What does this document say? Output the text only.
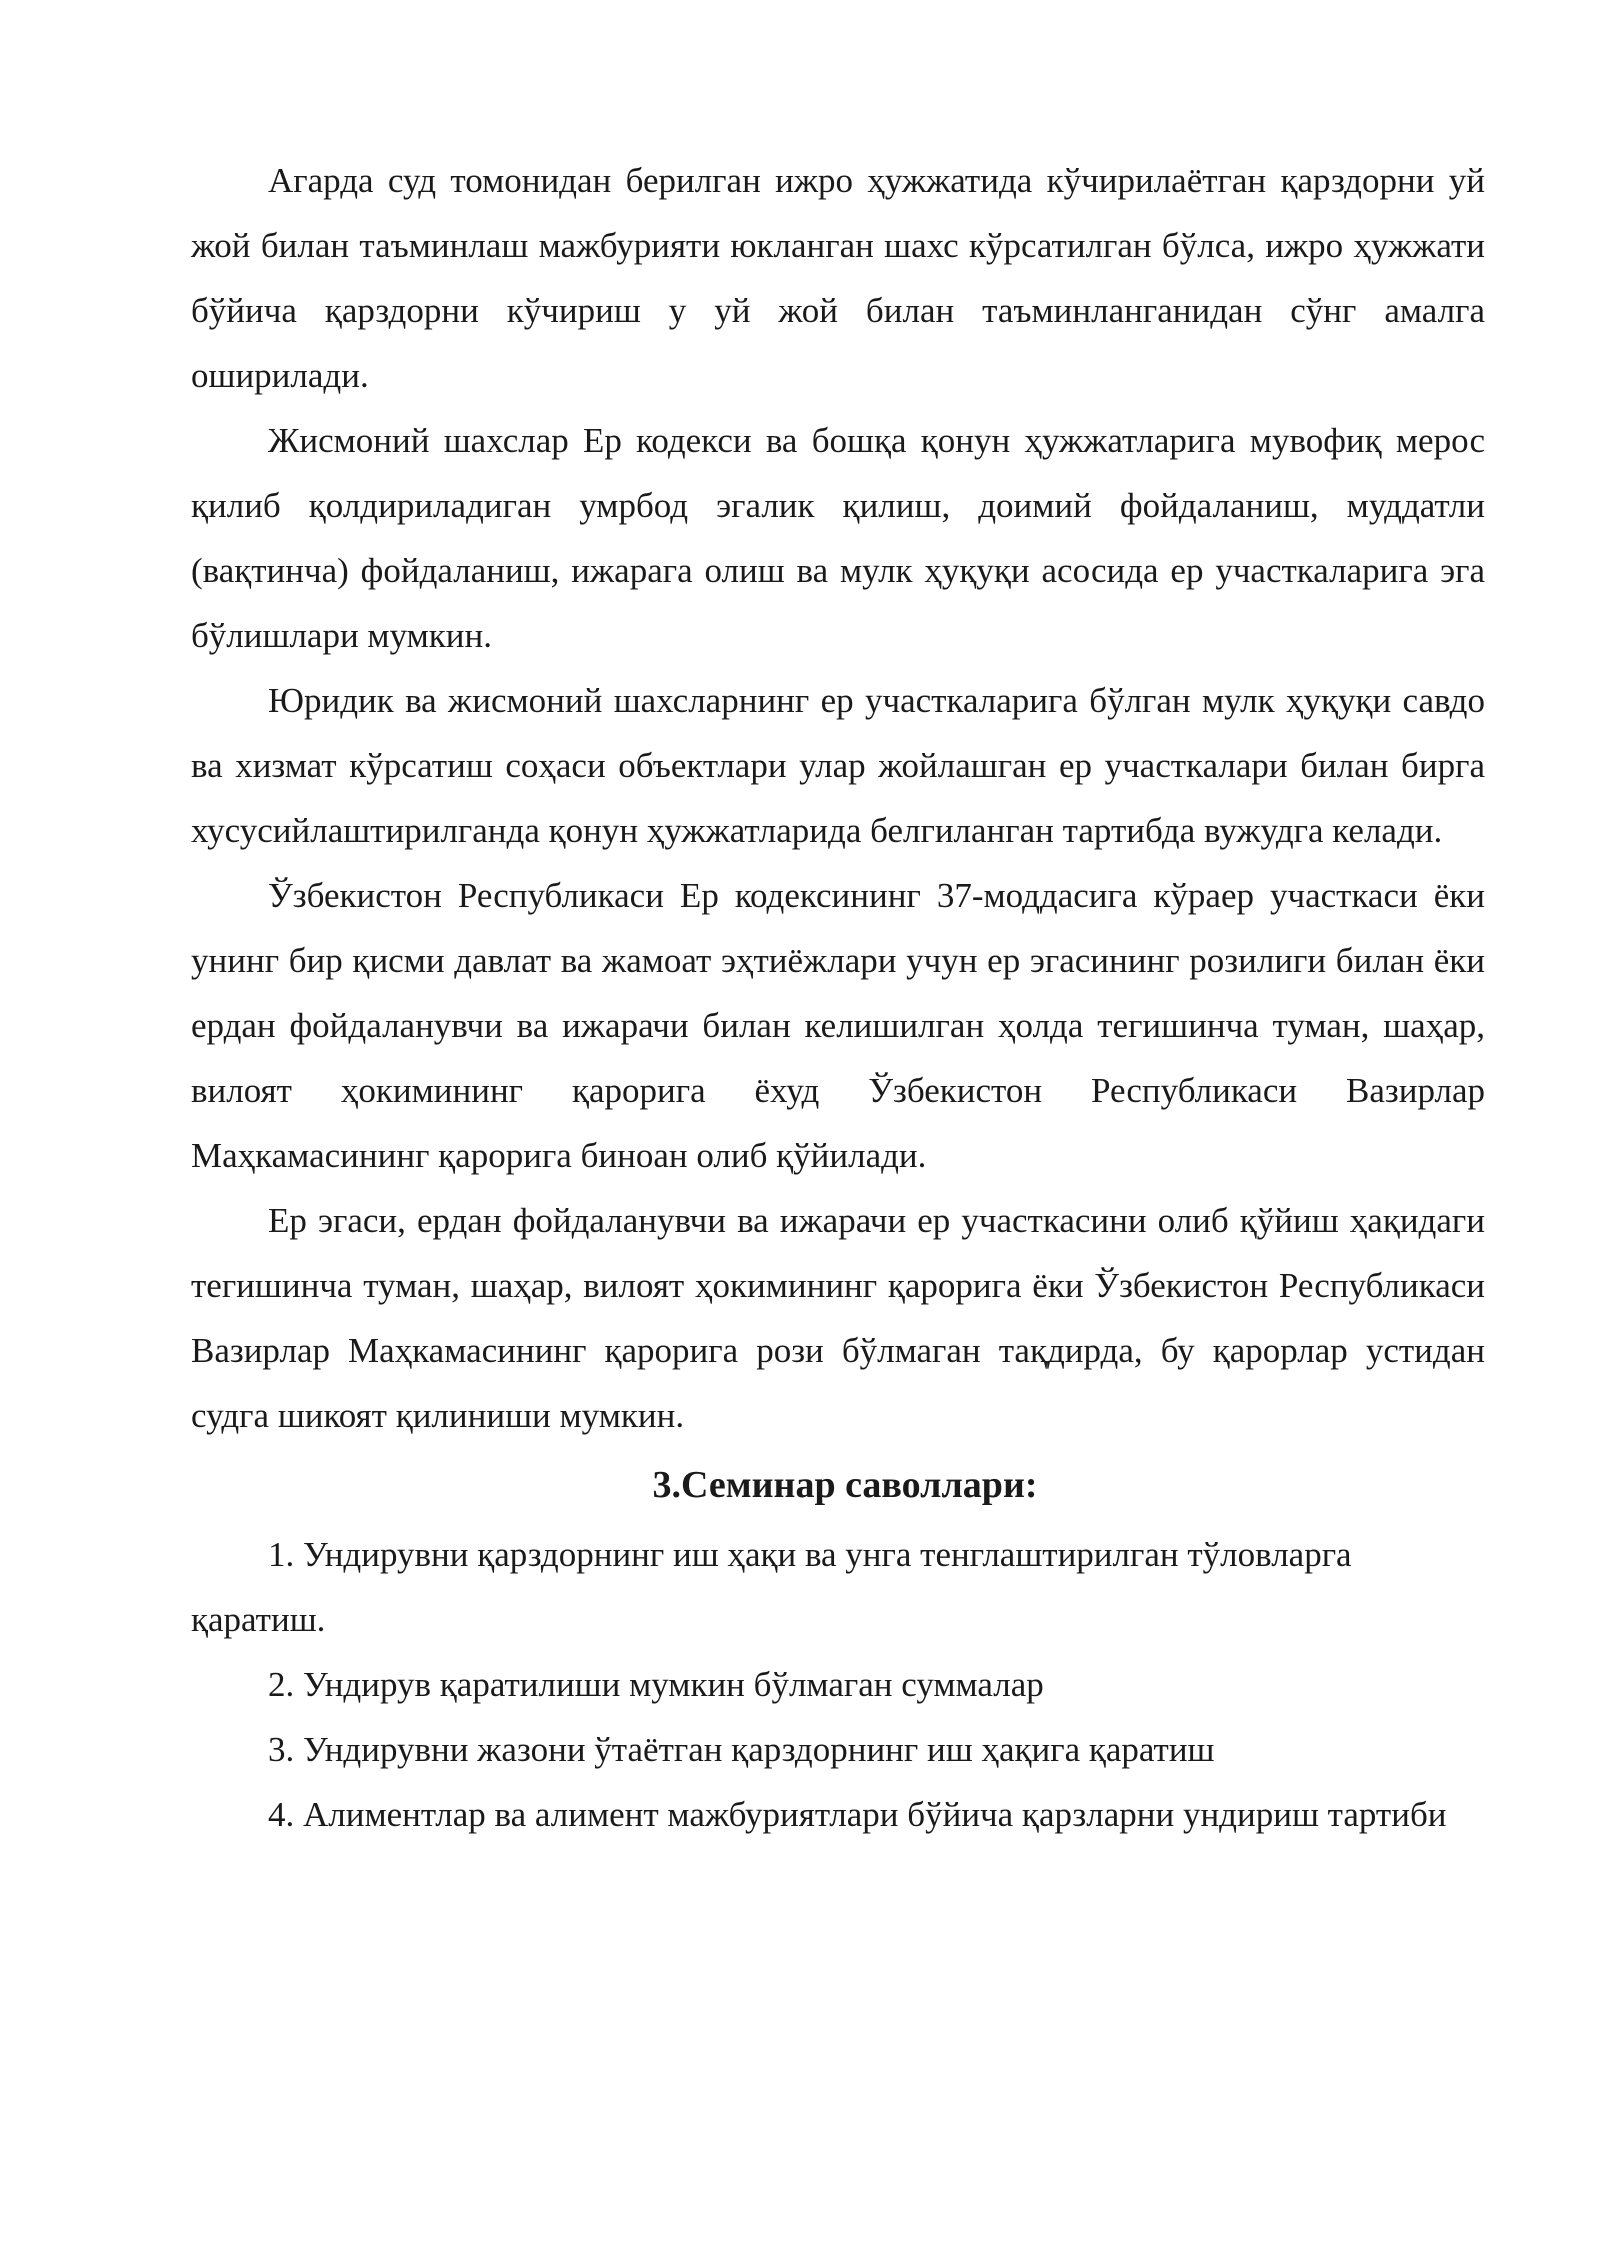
Агарда суд томонидан берилган ижро ҳужжатида кўчирилаётган қарздорни уй жой билан таъминлаш мажбурияти юкланган шахс кўрсатилган бўлса, ижро ҳужжати бўйича қарздорни кўчириш у уй жой билан таъминланганидан сўнг амалга оширилади.

Жисмоний шахслар Ер кодекси ва бошқа қонун ҳужжатларига мувофиқ мерос қилиб қолдириладиган умрбод эгалик қилиш, доимий фойдаланиш, муддатли (вақтинча) фойдаланиш, ижарага олиш ва мулк ҳуқуқи асосида ер участкаларига эга бўлишлари мумкин.

Юридик ва жисмоний шахсларнинг ер участкаларига бўлган мулк ҳуқуқи савдо ва хизмат кўрсатиш соҳаси объектлари улар жойлашган ер участкалари билан бирга хусусийлаштирилганда қонун ҳужжатларида белгиланган тартибда вужудга келади.

Ўзбекистон Республикаси Ер кодексининг 37-моддасига кўраер участкаси ёки унинг бир қисми давлат ва жамоат эҳтиёжлари учун ер эгасининг розилиги билан ёки ердан фойдаланувчи ва ижарачи билан келишилган ҳолда тегишинча туман, шаҳар, вилоят ҳокимининг қарорига ёхуд Ўзбекистон Республикаси Вазирлар Маҳкамасининг қарорига биноан олиб қўйилади.

Ер эгаси, ердан фойдаланувчи ва ижарачи ер участкасини олиб қўйиш ҳақидаги тегишинча туман, шаҳар, вилоят ҳокимининг қарорига ёки Ўзбекистон Республикаси Вазирлар Маҳкамасининг қарорига рози бўлмаган тақдирда, бу қарорлар устидан судга шикоят қилиниши мумкин.

3.Семинар саволлари:

1. Ундирувни қарздорнинг иш ҳақи ва унга тенглаштирилган тўловларга қаратиш.

2. Ундирув қаратилиши мумкин бўлмаган суммалар

3. Ундирувни жазони ўтаётган қарздорнинг иш ҳақига қаратиш

4. Алиментлар ва алимент мажбуриятлари бўйича қарзларни ундириш тартиби
